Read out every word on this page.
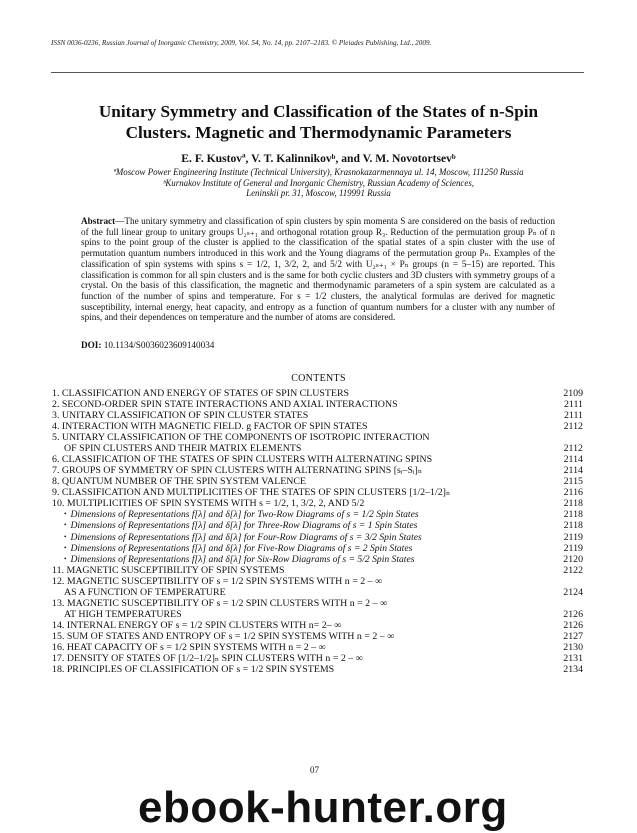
ISSN 0036-0236, Russian Journal of Inorganic Chemistry, 2009, Vol. 54, No. 14, pp. 2107–2183. © Pleiades Publishing, Ltd., 2009.
Unitary Symmetry and Classification of the States of n-Spin
Clusters. Magnetic and Thermodynamic Parameters
E. F. Kustovª, V. T. Kalinnikovᵇ, and V. M. Novotortsevᵇ
ªMoscow Power Engineering Institute (Technical University), Krasnokazarmennaya ul. 14, Moscow, 111250 Russia
ᵇKurnakov Institute of General and Inorganic Chemistry, Russian Academy of Sciences,
Leninskii pr. 31, Moscow, 119991 Russia
Abstract—The unitary symmetry and classification of spin clusters by spin momenta S are considered on the basis of reduction of the full linear group to unitary groups U₂ₛ₊₁ and orthogonal rotation group R₃. Reduction of the permutation group Pₙ of n spins to the point group of the cluster is applied to the classification of the spatial states of a spin cluster with the use of permutation quantum numbers introduced in this work and the Young diagrams of the permutation group Pₙ. Examples of the classification of spin systems with spins s = 1/2, 1, 3/2, 2, and 5/2 with U₂ₛ₊₁ × Pₙ groups (n = 5–15) are reported. This classification is common for all spin clusters and is the same for both cyclic clusters and 3D clusters with symmetry groups of a crystal. On the basis of this classification, the magnetic and thermodynamic parameters of a spin system are calculated as a function of the number of spins and temperature. For s = 1/2 clusters, the analytical formulas are derived for magnetic susceptibility, internal energy, heat capacity, and entropy as a function of quantum numbers for a cluster with any number of spins, and their dependences on temperature and the number of atoms are considered.
DOI: 10.1134/S0036023609140034
CONTENTS
1. CLASSIFICATION AND ENERGY OF STATES OF SPIN CLUSTERS	2109
2. SECOND-ORDER SPIN STATE INTERACTIONS AND AXIAL INTERACTIONS	2111
3. UNITARY CLASSIFICATION OF SPIN CLUSTER STATES	2111
4. INTERACTION WITH MAGNETIC FIELD. g FACTOR OF SPIN STATES	2112
5. UNITARY CLASSIFICATION OF THE COMPONENTS OF ISOTROPIC INTERACTION
OF SPIN CLUSTERS AND THEIR MATRIX ELEMENTS	2112
6. CLASSIFICATION OF THE STATES OF SPIN CLUSTERS WITH ALTERNATING SPINS	2114
7. GROUPS OF SYMMETRY OF SPIN CLUSTERS WITH ALTERNATING SPINS [sᵢ–Sᵢ]ₙ	2114
8. QUANTUM NUMBER OF THE SPIN SYSTEM VALENCE	2115
9. CLASSIFICATION AND MULTIPLICITIES OF THE STATES OF SPIN CLUSTERS [1/2–1/2]ₙ	2116
10. MULTIPLICITIES OF SPIN SYSTEMS WITH s = 1/2, 1, 3/2, 2, AND 5/2	2118
• Dimensions of Representations f[λ] and δ[λ] for Two-Row Diagrams of s = 1/2 Spin States	2118
• Dimensions of Representations f[λ] and δ[λ] for Three-Row Diagrams of s = 1 Spin States	2118
• Dimensions of Representations f[λ] and δ[λ] for Four-Row Diagrams of s = 3/2 Spin States	2119
• Dimensions of Representations f[λ] and δ[λ] for Five-Row Diagrams of s = 2 Spin States	2119
• Dimensions of Representations f[λ] and δ[λ] for Six-Row Diagrams of s = 5/2 Spin States	2120
11. MAGNETIC SUSCEPTIBILITY OF SPIN SYSTEMS	2122
12. MAGNETIC SUSCEPTIBILITY OF s = 1/2 SPIN SYSTEMS WITH n = 2 – ∞
AS A FUNCTION OF TEMPERATURE	2124
13. MAGNETIC SUSCEPTIBILITY OF s = 1/2 SPIN CLUSTERS WITH n = 2 – ∞
AT HIGH TEMPERATURES	2126
14. INTERNAL ENERGY OF s = 1/2 SPIN CLUSTERS WITH n= 2– ∞	2126
15. SUM OF STATES AND ENTROPY OF s = 1/2 SPIN SYSTEMS WITH n = 2 – ∞	2127
16. HEAT CAPACITY OF s = 1/2 SPIN SYSTEMS WITH n = 2 – ∞	2130
17. DENSITY OF STATES OF [1/2–1/2]ₙ SPIN CLUSTERS WITH n = 2 – ∞	2131
18. PRINCIPLES OF CLASSIFICATION OF s = 1/2 SPIN SYSTEMS	2134
07
ebook-hunter.org
